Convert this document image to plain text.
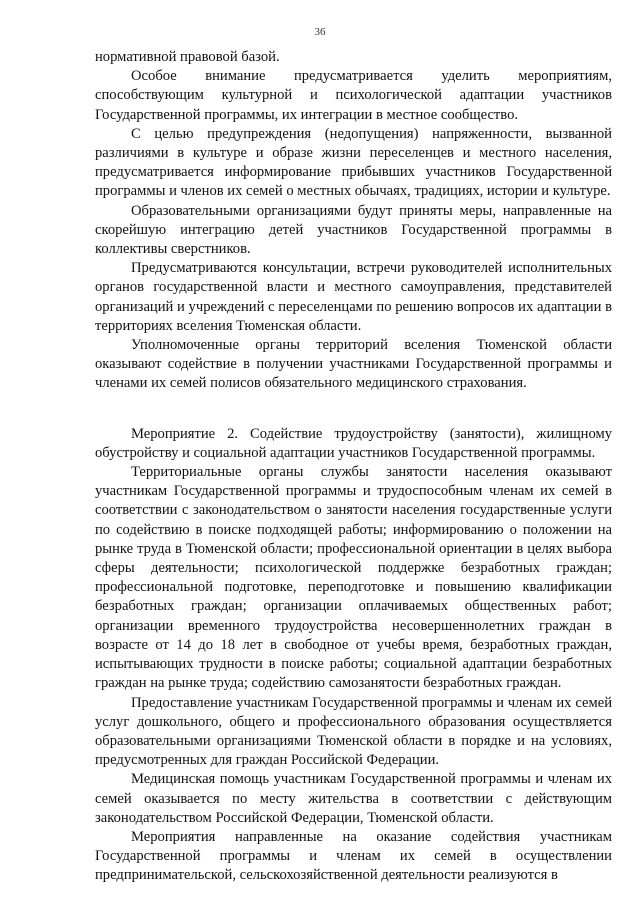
36

нормативной правовой базой.

Особое внимание предусматривается уделить мероприятиям, способствующим культурной и психологической адаптации участников Государственной программы, их интеграции в местное сообщество.

С целью предупреждения (недопущения) напряженности, вызванной различиями в культуре и образе жизни переселенцев и местного населения, предусматривается информирование прибывших участников Государственной программы и членов их семей о местных обычаях, традициях, истории и культуре.

Образовательными организациями будут приняты меры, направленные на скорейшую интеграцию детей участников Государственной программы в коллективы сверстников.

Предусматриваются консультации, встречи руководителей исполнительных органов государственной власти и местного самоуправления, представителей организаций и учреждений с переселенцами по решению вопросов их адаптации в территориях вселения Тюменская области.

Уполномоченные органы территорий вселения Тюменской области оказывают содействие в получении участниками Государственной программы и членами их семей полисов обязательного медицинского страхования.

Мероприятие 2. Содействие трудоустройству (занятости), жилищному обустройству и социальной адаптации участников Государственной программы.

Территориальные органы службы занятости населения оказывают участникам Государственной программы и трудоспособным членам их семей в соответствии с законодательством о занятости населения государственные услуги по содействию в поиске подходящей работы; информированию о положении на рынке труда в Тюменской области; профессиональной ориентации в целях выбора сферы деятельности; психологической поддержке безработных граждан; профессиональной подготовке, переподготовке и повышению квалификации безработных граждан; организации оплачиваемых общественных работ; организации временного трудоустройства несовершеннолетних граждан в возрасте от 14 до 18 лет в свободное от учебы время, безработных граждан, испытывающих трудности в поиске работы; социальной адаптации безработных граждан на рынке труда; содействию самозанятости безработных граждан.

Предоставление участникам Государственной программы и членам их семей услуг дошкольного, общего и профессионального образования осуществляется образовательными организациями Тюменской области в порядке и на условиях, предусмотренных для граждан Российской Федерации.

Медицинская помощь участникам Государственной программы и членам их семей оказывается по месту жительства в соответствии с действующим законодательством Российской Федерации, Тюменской области.

Мероприятия направленные на оказание содействия участникам Государственной программы и членам их семей в осуществлении предпринимательской, сельскохозяйственной деятельности реализуются в
